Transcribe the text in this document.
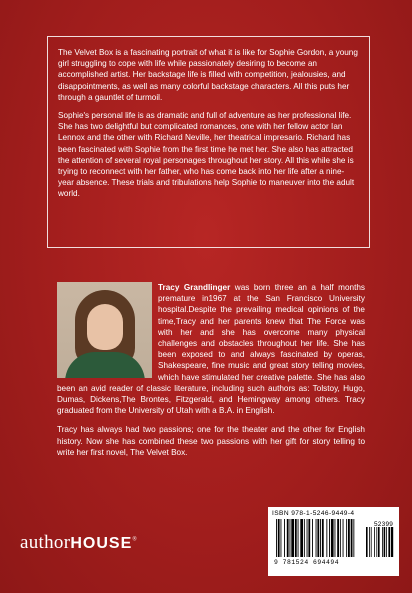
The Velvet Box is a fascinating portrait of what it is like for Sophie Gordon, a young girl struggling to cope with life while passionately desiring to become an accomplished artist. Her backstage life is filled with competition, jealousies, and disappointments, as well as many colorful backstage characters. All this puts her through a gauntlet of turmoil.

Sophie's personal life is as dramatic and full of adventure as her professional life. She has two delightful but complicated romances, one with her fellow actor Ian Lennox and the other with Richard Neville, her theatrical impresario. Richard has been fascinated with Sophie from the first time he met her. She also has attracted the attention of several royal personages throughout her story. All this while she is trying to reconnect with her father, who has come back into her life after a nine-year absence. These trials and tribulations help Sophie to maneuver into the adult world.

Tracy Grandlinger was born three an a half months premature in1967 at the San Francisco University hospital.Despite the prevailing medical opinions of the time,Tracy and her parents knew that The Force was with her and she has overcome many physical challenges and obstacles throughout her life. She has been exposed to and always fascinated by operas, Shakespeare, fine music and great story telling movies, which have stimulated her creative palette. She has also been an avid reader of classic literature, including such authors as: Tolstoy, Hugo, Dumas, Dickens,The Brontes, Fitzgerald, and Hemingway among others. Tracy graduated from the University of Utah with a B.A. in English.

Tracy has always had two passions; one for the theater and the other for English history. Now she has combined these two passions with her gift for story telling to write her first novel, The Velvet Box.

authorHOUSE®
ISBN 978-1-5246-9449-4
9 781524 694494
52399
